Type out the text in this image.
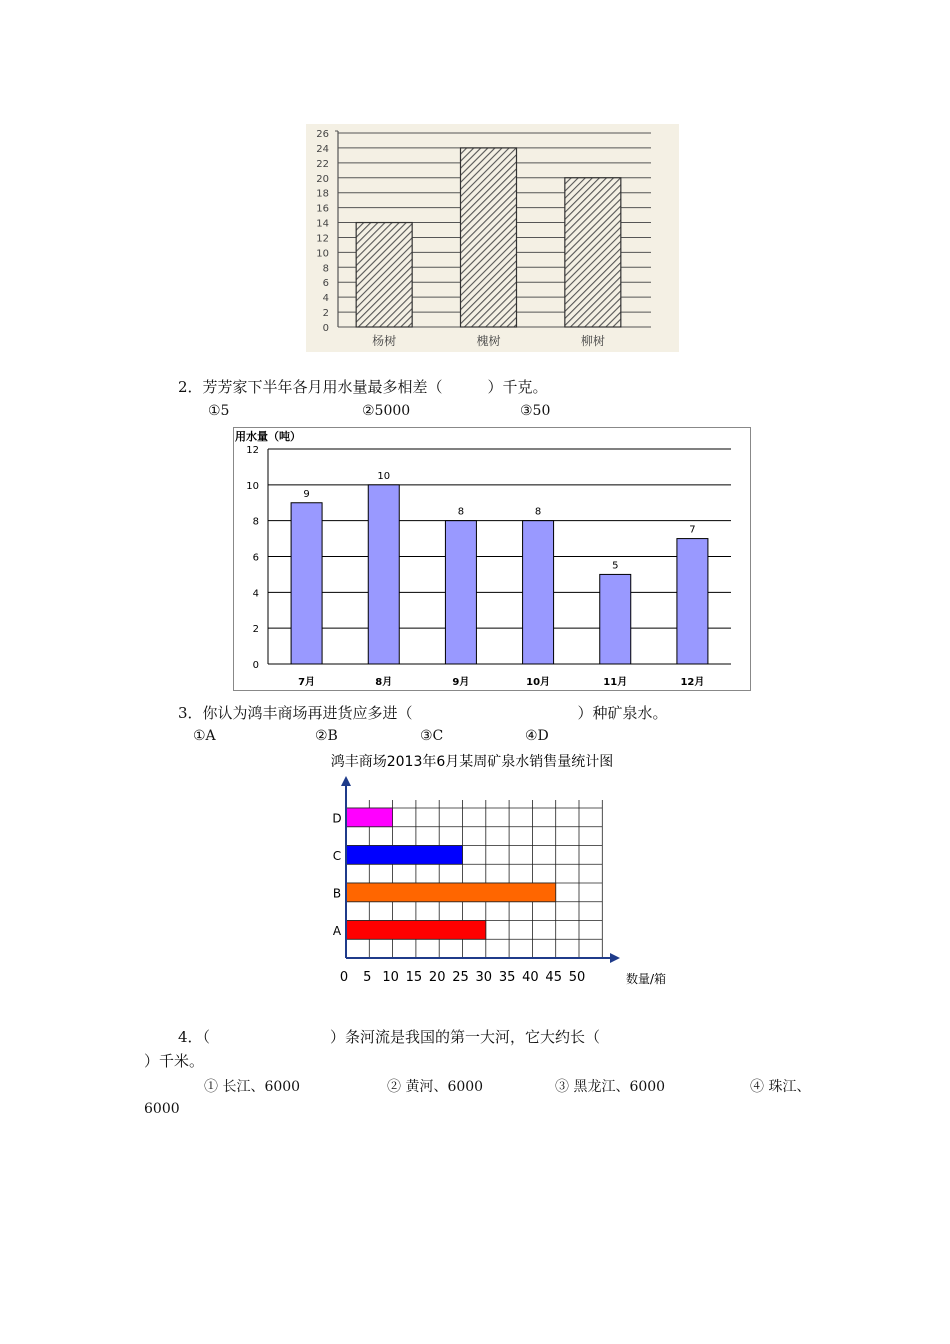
0
2
4
6
8
10
12
14
16
18
20
22
24
26
杨树	槐树	柳树
2．芳芳家下半年各月用水量最多相差（　　　）千克。
①5	②5000	③50
用水量（吨）
0
2
4
6
8
10
12
7月	8月	9月	10月	11月	12月
9
10
8	8
5
7
3．你认为鸿丰商场再进货应多进（　　　　　　　　　　　）种矿泉水。
①A	②B	③C	④D
鸿丰商场2013年6月某周矿泉水销售量统计图
A
B
C
D
0 5 10 15 20 25 30 35 40 45 50	数量/箱
4．（　　　　　　　　）条河流是我国的第一大河，它大约长（
）千米。
① 长江、6000	② 黄河、6000	③ 黑龙江、6000	④ 珠江、
6000
